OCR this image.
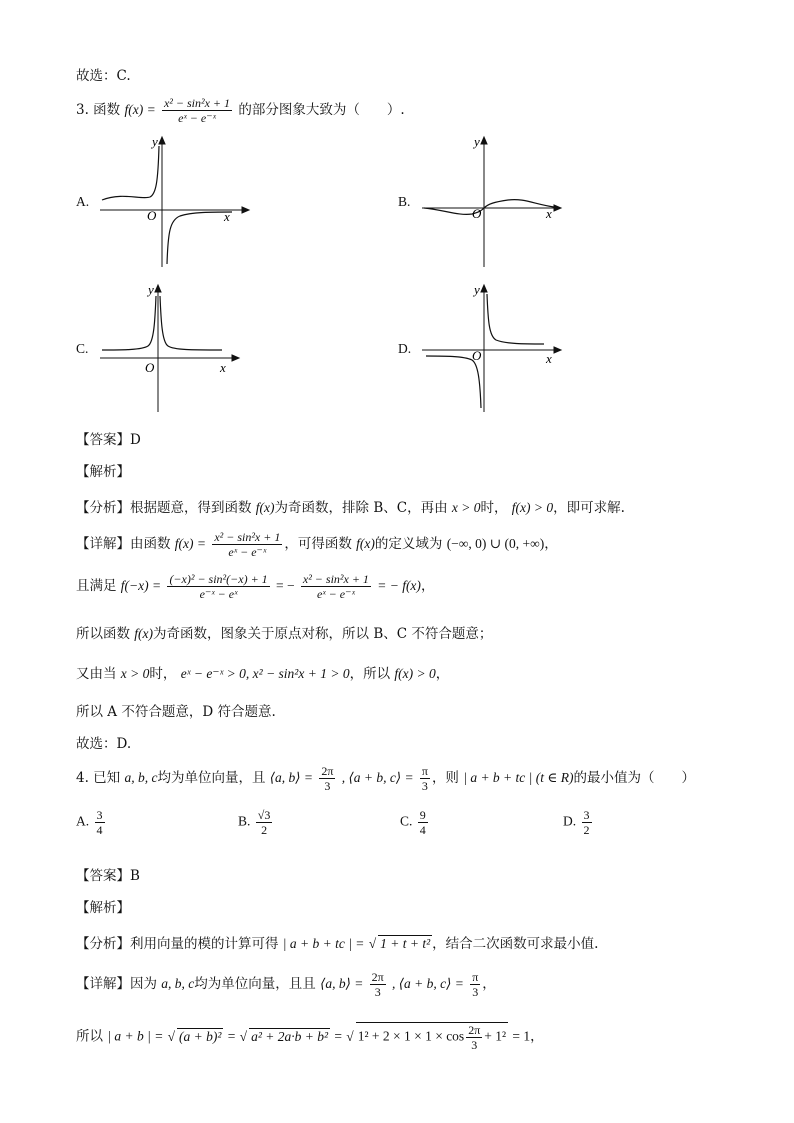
故选：C.
3. 函数 $f(x) = \frac{\text{x² − sin²x + 1}}{\text{eˣ − e⁻ˣ}}$ 的部分图象大致为（　　）.
A.
y
x
O
B.
y
x
O
C.
y
x
O
D.
y
x
O
【答案】D
【解析】
【分析】根据题意，得到函数 f(x)为奇函数，排除 B、C，再由 x > 0时， f(x) > 0，即可求解.
【详解】由函数 $f(x) = \frac{\text{x² − sin²x + 1}}{\text{eˣ − e⁻ˣ}}$ ，可得函数 f(x)的定义域为 (−∞, 0) ∪ (0, +∞)，
且满足 $f(-x) = \frac{\text{(−x)² − sin²(−x) + 1}}{\text{e⁻ˣ − eˣ}}$ = − $\frac{\text{x² − sin²x + 1}}{\text{eˣ − e⁻ˣ}}$ = − f(x)，
所以函数 f(x)为奇函数，图象关于原点对称，所以 B、C 不符合题意；
又由当 x > 0时， eˣ − e⁻ˣ > 0, x² − sin²x + 1 > 0，所以 f(x) > 0，
所以 A 不符合题意，D 符合题意.
故选：D.
4. 已知 a, b, c均为单位向量，且 ⟨a, b⟩ = $\frac{2\pi}{3}$ , ⟨a + b, c⟩ = $\frac{\pi}{3}$ ，则 | a + b + tc | (t ∈ R)的最小值为（　　）
A. $\frac{3}{4}$	B. $\frac{√3}{2}$	C. $\frac{9}{4}$	D. $\frac{3}{2}$
【答案】B
【解析】
【分析】利用向量的模的计算可得 | a + b + tc | = √ 1 + t + t² ，结合二次函数可求最小值.
【详解】因为 a, b, c均为单位向量，且且 ⟨a, b⟩ = $\frac{2\pi}{3}$ , ⟨a + b, c⟩ = $\frac{\pi}{3}$ ，
所以 | a + b | = √ (a + b)² = √ a² + 2a·b + b² = √ $1^2 + 2 \times 1 \times 1 \times \cos \frac{2\pi}{3} + 1^2 = 1$，
